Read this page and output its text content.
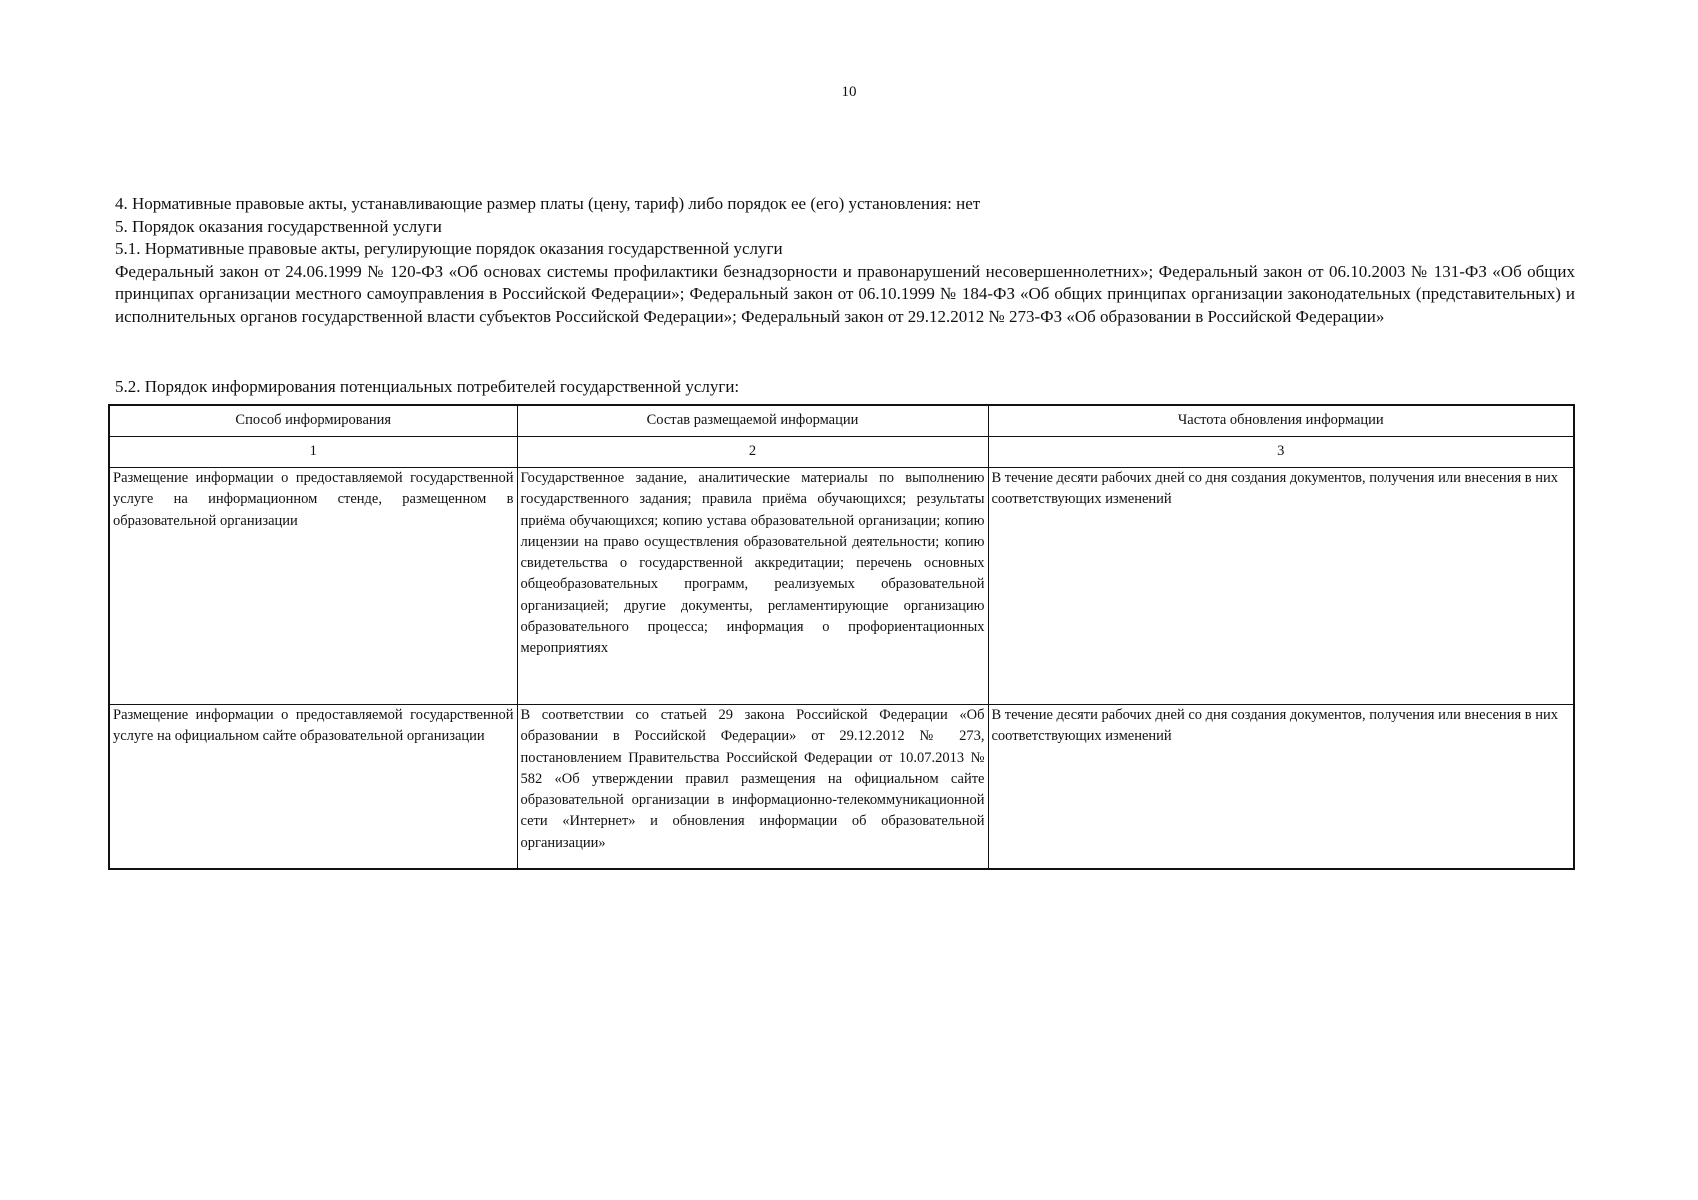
10

4. Нормативные правовые акты, устанавливающие размер платы (цену, тариф) либо порядок ее (его) установления: нет

5. Порядок оказания государственной услуги

5.1. Нормативные правовые акты, регулирующие порядок оказания государственной услуги

Федеральный закон от 24.06.1999 № 120-ФЗ «Об основах системы профилактики безнадзорности и правонарушений несовершеннолетних»; Федеральный закон от 06.10.2003 № 131-ФЗ «Об общих принципах организации местного самоуправления в Российской Федерации»; Федеральный закон от 06.10.1999 № 184-ФЗ «Об общих принципах организации законодательных (представительных) и исполнительных органов государственной власти субъектов Российской Федерации»; Федеральный закон от 29.12.2012 № 273-ФЗ «Об образовании в Российской Федерации»

5.2. Порядок информирования потенциальных потребителей государственной услуги:

Способ информирования	Состав размещаемой информации	Частота обновления информации
1	2	3
Размещение информации о предоставляемой государственной услуге на информационном стенде, размещенном в образовательной организации	Государственное задание, аналитические материалы по выполнению государственного задания; правила приёма обучающихся; результаты приёма обучающихся; копию устава образовательной организации; копию лицензии на право осуществления образовательной деятельности; копию свидетельства о государственной аккредитации; перечень основных общеобразовательных программ, реализуемых образовательной организацией; другие документы, регламентирующие организацию образовательного процесса; информация о профориентационных мероприятиях	В течение десяти рабочих дней со дня создания документов, получения или внесения в них соответствующих изменений
Размещение информации о предоставляемой государственной услуге на официальном сайте образовательной организации	В соответствии со статьей 29 закона Российской Федерации «Об образовании в Российской Федерации» от 29.12.2012 № 273, постановлением Правительства Российской Федерации от 10.07.2013 № 582 «Об утверждении правил размещения на официальном сайте образовательной организации в информационно-телекоммуникационной сети «Интернет» и обновления информации об образовательной организации»	В течение десяти рабочих дней со дня создания документов, получения или внесения в них соответствующих изменений
